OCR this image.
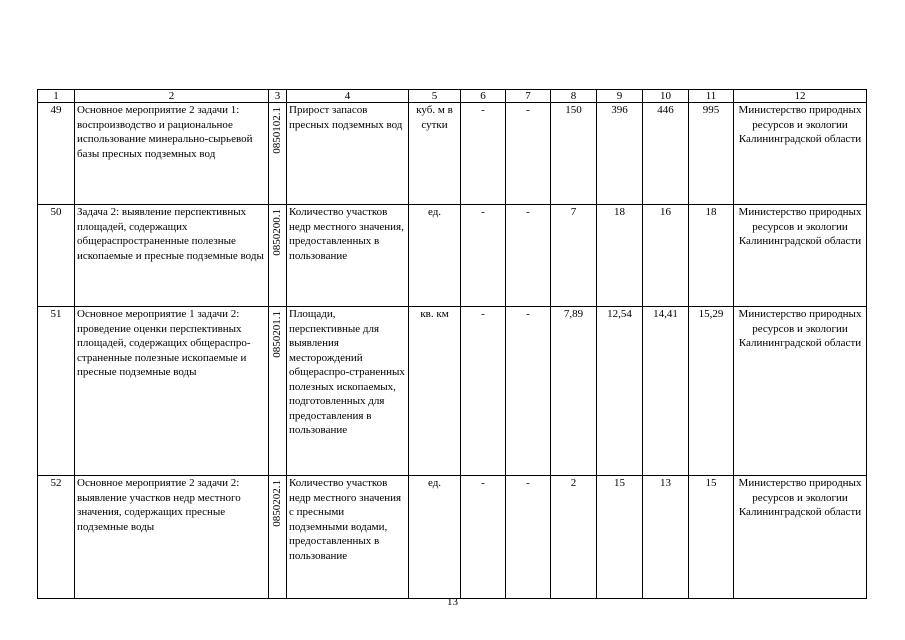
1	2	3	4	5	6	7	8	9	10	11	12
49	Основное мероприятие 2 задачи 1: воспроизводство и рациональное использование минерально-сырьевой базы пресных подземных вод	0850102.1	Прирост запасов пресных подземных вод	куб. м в сутки	-	-	150	396	446	995	Министерство природных ресурсов и экологии Калининградской области
50	Задача 2: выявление перспективных площадей, содержащих общераспространенные полезные ископаемые и пресные подземные воды	0850200.1	Количество участков недр местного значения, предоставленных в пользование	ед.	-	-	7	18	16	18	Министерство природных ресурсов и экологии Калининградской области
51	Основное мероприятие 1 задачи 2: проведение оценки перспективных площадей, содержащих общераспро-страненные полезные ископаемые и пресные подземные воды	0850201.1	Площади, перспективные для выявления месторождений общераспро-страненных полезных ископаемых, подготовленных для предоставления в пользование	кв. км	-	-	7,89	12,54	14,41	15,29	Министерство природных ресурсов и экологии Калининградской области
52	Основное мероприятие 2 задачи 2: выявление участков недр местного значения, содержащих пресные подземные воды	0850202.1	Количество участков недр местного значения с пресными подземными водами, предоставленных в пользование	ед.	-	-	2	15	13	15	Министерство природных ресурсов и экологии Калининградской области
13
